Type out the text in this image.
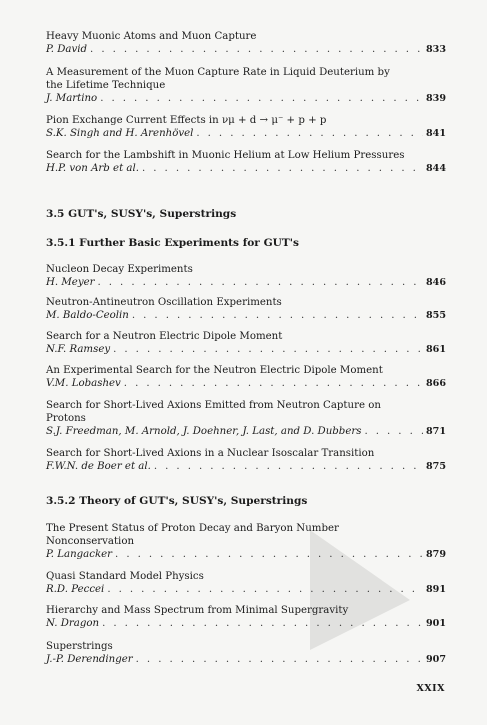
Heavy Muonic Atoms and Muon Capture
P. David . . .	833
A Measurement of the Muon Capture Rate in Liquid Deuterium by
the Lifetime Technique
J. Martino . . .	839
Pion Exchange Current Effects in νμ + d → μ⁻ + p + p
S.K. Singh and H. Arenhövel . . .	841
Search for the Lambshift in Muonic Helium at Low Helium Pressures
H.P. von Arb et al. . . .	844
3.5 GUT's, SUSY's, Superstrings
3.5.1 Further Basic Experiments for GUT's
Nucleon Decay Experiments
H. Meyer . . .	846
Neutron-Antineutron Oscillation Experiments
M. Baldo-Ceolin . . .	855
Search for a Neutron Electric Dipole Moment
N.F. Ramsey . . .	861
An Experimental Search for the Neutron Electric Dipole Moment
V.M. Lobashev . . .	866
Search for Short-Lived Axions Emitted from Neutron Capture on
Protons
S.J. Freedman, M. Arnold, J. Doehner, J. Last, and D. Dubbers . . .	871
Search for Short-Lived Axions in a Nuclear Isoscalar Transition
F.W.N. de Boer et al. . . .	875
3.5.2 Theory of GUT's, SUSY's, Superstrings
The Present Status of Proton Decay and Baryon Number
Nonconservation
P. Langacker . . .	879
Quasi Standard Model Physics
R.D. Peccei . . .	891
Hierarchy and Mass Spectrum from Minimal Supergravity
N. Dragon . . .	901
Superstrings
J.-P. Derendinger . . .	907
XXIX
